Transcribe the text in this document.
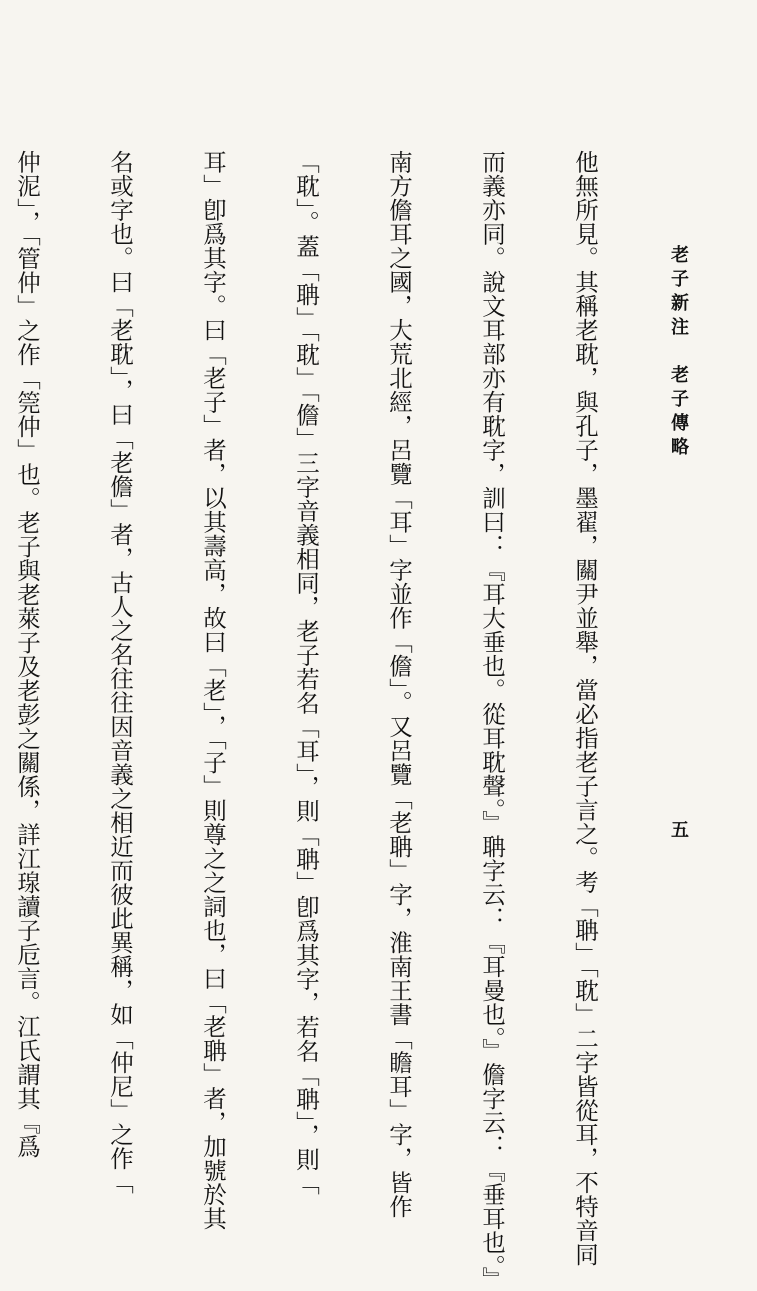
老子新注　老子傳略
五

他無所見。其稱老耽，與孔子，墨翟，關尹並舉，當必指老子言之。考「聃」「耽」二字皆從耳，不特音同

而義亦同。說文耳部亦有耽字，訓曰：『耳大垂也。從耳耽聲。』聃字云：『耳曼也。』儋字云：『垂耳也。』

南方儋耳之國，大荒北經，呂覽「耳」字並作「儋」。又呂覽「老聃」字，淮南王書「瞻耳」字，皆作

「耽」。蓋「聃」「耽」「儋」三字音義相同，老子若名「耳」，則「聃」卽爲其字，若名「聃」，則「

耳」卽爲其字。曰「老子」者，以其壽高，故曰「老」，「子」則尊之之詞也，曰「老聃」者，加號於其

名或字也。曰「老耽」，曰「老儋」者，古人之名往往因音義之相近而彼此異稱，如「仲尼」之作「

仲泥」，「管仲」之作「筦仲」也。老子與老萊子及老彭之關係，詳江瑔讀子卮言。江氏謂其『爲
